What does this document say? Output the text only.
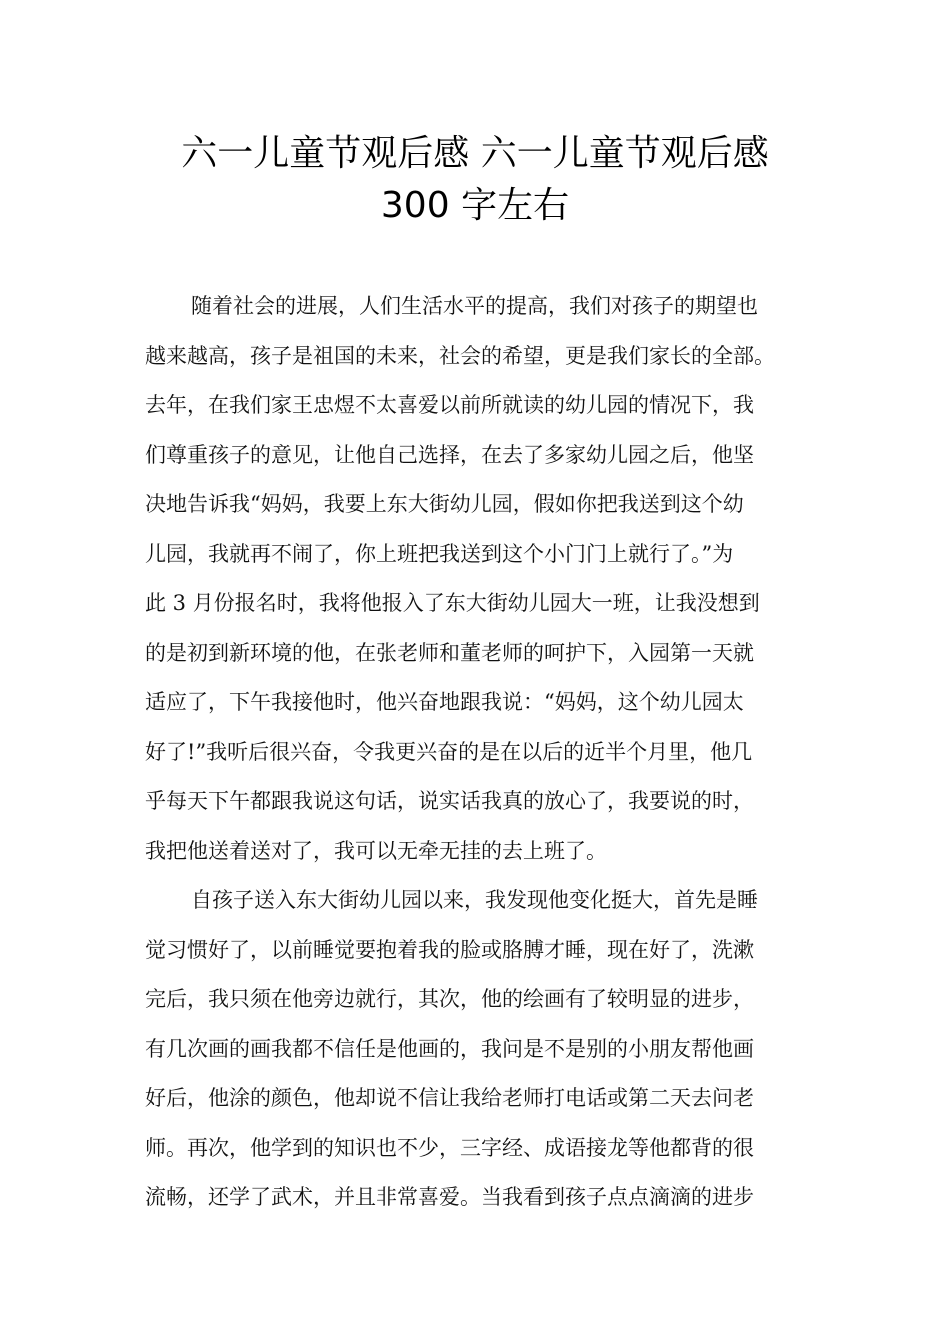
六一儿童节观后感 六一儿童节观后感
300 字左右

随着社会的进展，人们生活水平的提高，我们对孩子的期望也
越来越高，孩子是祖国的未来，社会的希望，更是我们家长的全部。
去年，在我们家王忠煜不太喜爱以前所就读的幼儿园的情况下，我
们尊重孩子的意见，让他自己选择，在去了多家幼儿园之后，他坚
决地告诉我“妈妈，我要上东大街幼儿园，假如你把我送到这个幼
儿园，我就再不闹了，你上班把我送到这个小门门上就行了。”为
此 3 月份报名时，我将他报入了东大街幼儿园大一班，让我没想到
的是初到新环境的他，在张老师和董老师的呵护下，入园第一天就
适应了，下午我接他时，他兴奋地跟我说：“妈妈，这个幼儿园太
好了!”我听后很兴奋，令我更兴奋的是在以后的近半个月里，他几
乎每天下午都跟我说这句话，说实话我真的放心了，我要说的时，
我把他送着送对了，我可以无牵无挂的去上班了。

自孩子送入东大街幼儿园以来，我发现他变化挺大，首先是睡
觉习惯好了，以前睡觉要抱着我的脸或胳膊才睡，现在好了，洗漱
完后，我只须在他旁边就行，其次，他的绘画有了较明显的进步，
有几次画的画我都不信任是他画的，我问是不是别的小朋友帮他画
好后，他涂的颜色，他却说不信让我给老师打电话或第二天去问老
师。再次，他学到的知识也不少，三字经、成语接龙等他都背的很
流畅，还学了武术，并且非常喜爱。当我看到孩子点点滴滴的进步
